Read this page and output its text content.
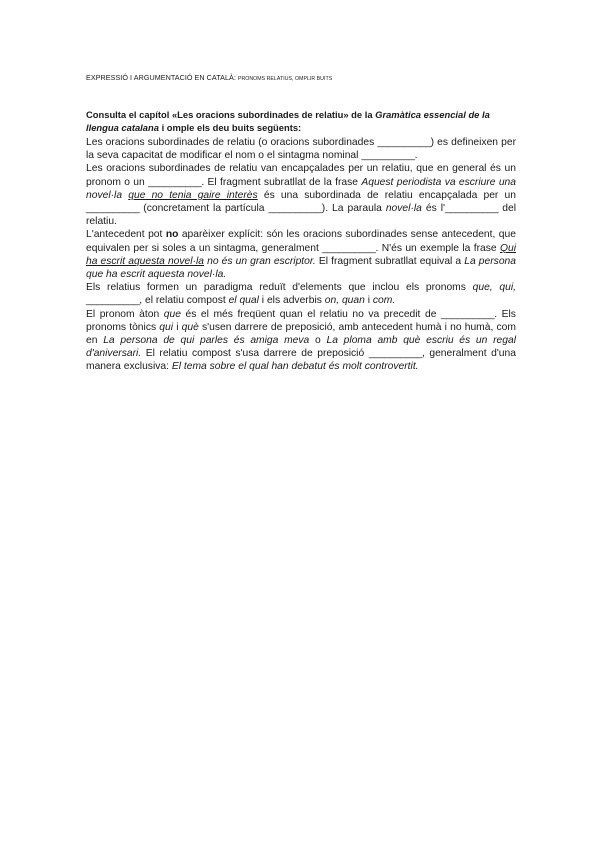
EXPRESSIÓ I ARGUMENTACIÓ EN CATALÀ: PRONOMS RELATIUS, OMPLIR BUITS
Consulta el capítol «Les oracions subordinades de relatiu» de la Gramàtica essencial de la llengua catalana i omple els deu buits següents:

Les oracions subordinades de relatiu (o oracions subordinades __________) es defineixen per la seva capacitat de modificar el nom o el sintagma nominal __________.

Les oracions subordinades de relatiu van encapçalades per un relatiu, que en general és un pronom o un __________. El fragment subratllat de la frase Aquest periodista va escriure una novel·la que no tenia gaire interès és una subordinada de relatiu encapçalada per un __________ (concretament la partícula __________). La paraula novel·la és l'__________ del relatiu.

L'antecedent pot no aparèixer explícit: són les oracions subordinades sense antecedent, que equivalen per si soles a un sintagma, generalment __________. N'és un exemple la frase Qui ha escrit aquesta novel·la no és un gran escriptor. El fragment subratllat equival a La persona que ha escrit aquesta novel·la.

Els relatius formen un paradigma reduït d'elements que inclou els pronoms que, qui, __________, el relatiu compost el qual i els adverbis on, quan i com.

El pronom àton que és el més freqüent quan el relatiu no va precedit de __________. Els pronoms tònics qui i què s'usen darrere de preposició, amb antecedent humà i no humà, com en La persona de qui parles és amiga meva o La ploma amb què escriu és un regal d'aniversari. El relatiu compost s'usa darrere de preposició __________, generalment d'una manera exclusiva: El tema sobre el qual han debatut és molt controvertit.
